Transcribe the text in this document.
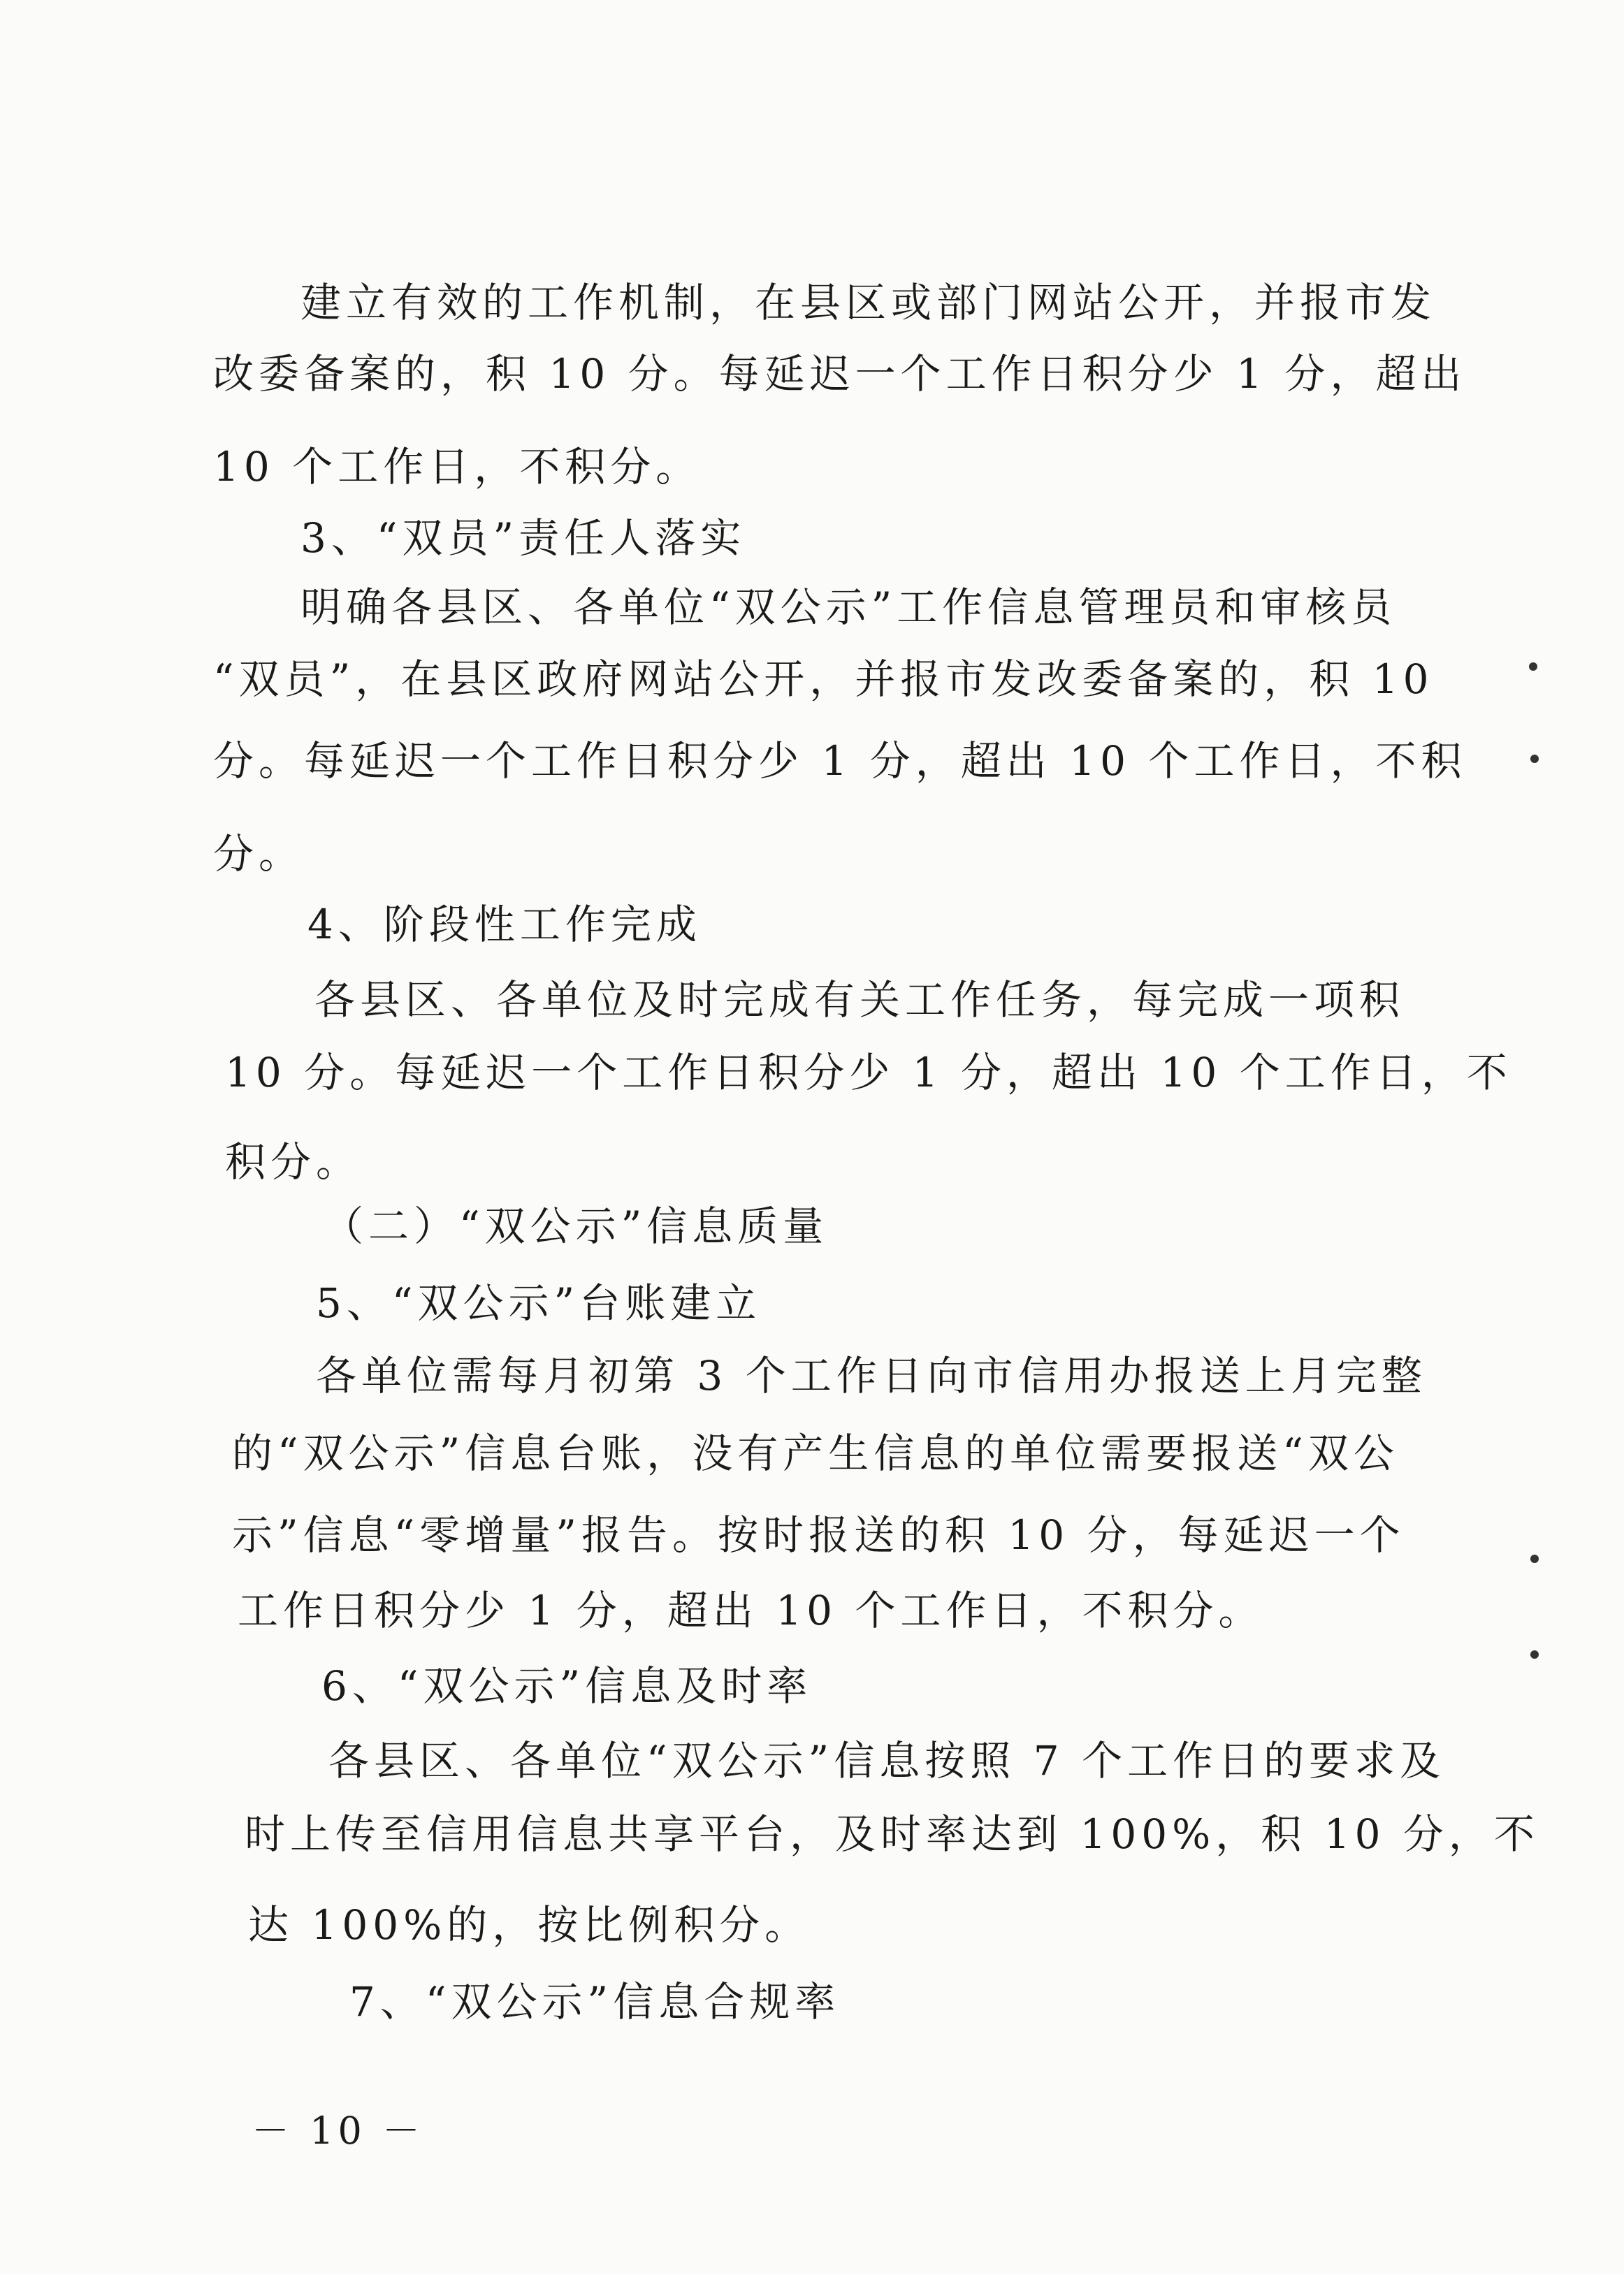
建立有效的工作机制，在县区或部门网站公开，并报市发
改委备案的，积 10 分。每延迟一个工作日积分少 1 分，超出
10 个工作日，不积分。
3、“双员”责任人落实
明确各县区、各单位“双公示”工作信息管理员和审核员
“双员”，在县区政府网站公开，并报市发改委备案的，积 10
分。每延迟一个工作日积分少 1 分，超出 10 个工作日，不积
分。
4、阶段性工作完成
各县区、各单位及时完成有关工作任务，每完成一项积
10 分。每延迟一个工作日积分少 1 分，超出 10 个工作日，不
积分。
（二）“双公示”信息质量
5、“双公示”台账建立
各单位需每月初第 3 个工作日向市信用办报送上月完整
的“双公示”信息台账，没有产生信息的单位需要报送“双公
示”信息“零增量”报告。按时报送的积 10 分，每延迟一个
工作日积分少 1 分，超出 10 个工作日，不积分。
6、“双公示”信息及时率
各县区、各单位“双公示”信息按照 7 个工作日的要求及
时上传至信用信息共享平台，及时率达到 100%，积 10 分，不
达 100%的，按比例积分。
7、“双公示”信息合规率
－ 10 －
